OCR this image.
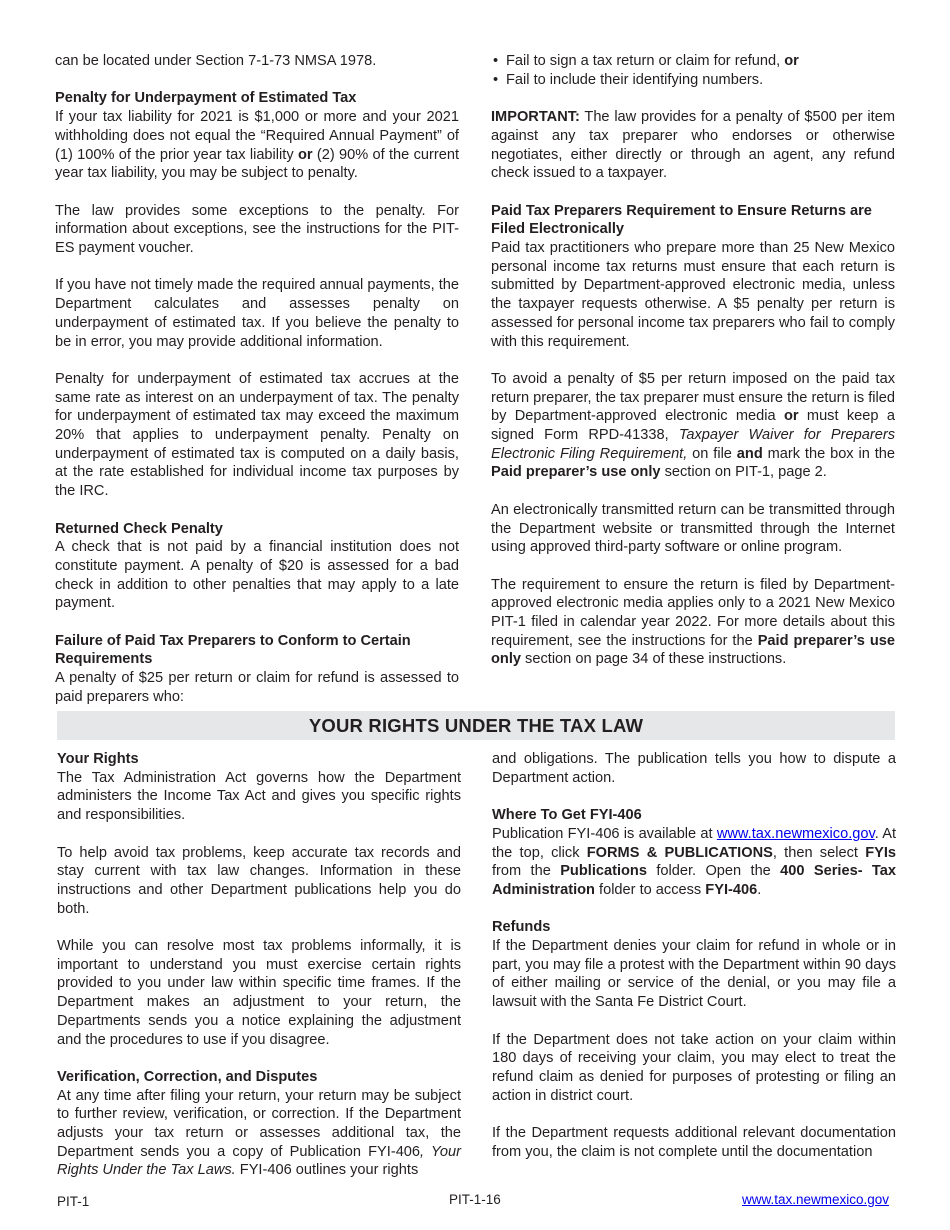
can be located under Section 7-1-73 NMSA 1978.

Penalty for Underpayment of Estimated Tax

If your tax liability for 2021 is $1,000 or more and your 2021 withholding does not equal the “Required Annual Payment” of (1) 100% of the prior year tax liability or (2) 90% of the current year tax liability, you may be subject to penalty.

The law provides some exceptions to the penalty. For information about exceptions, see the instructions for the PIT-ES payment voucher.

If you have not timely made the required annual payments, the Department calculates and assesses penalty on underpayment of estimated tax. If you believe the penalty to be in error, you may provide additional information.

Penalty for underpayment of estimated tax accrues at the same rate as interest on an underpayment of tax. The penalty for underpayment of estimated tax may exceed the maximum 20% that applies to underpayment penalty. Penalty on underpayment of estimated tax is computed on a daily basis, at the rate established for individual income tax purposes by the IRC.

Returned Check Penalty

A check that is not paid by a financial institution does not constitute payment. A penalty of $20 is assessed for a bad check in addition to other penalties that may apply to a late payment.

Failure of Paid Tax Preparers to Conform to Certain Requirements

A penalty of $25 per return or claim for refund is assessed to paid preparers who:

• Fail to sign a tax return or claim for refund, or
• Fail to include their identifying numbers.

IMPORTANT: The law provides for a penalty of $500 per item against any tax preparer who endorses or otherwise negotiates, either directly or through an agent, any refund check issued to a taxpayer.

Paid Tax Preparers Requirement to Ensure Returns are Filed Electronically

Paid tax practitioners who prepare more than 25 New Mexico personal income tax returns must ensure that each return is submitted by Department-approved electronic media, unless the taxpayer requests otherwise. A $5 penalty per return is assessed for personal income tax preparers who fail to comply with this requirement.

To avoid a penalty of $5 per return imposed on the paid tax return preparer, the tax preparer must ensure the return is filed by Department-approved electronic media or must keep a signed Form RPD-41338, Taxpayer Waiver for Preparers Electronic Filing Requirement, on file and mark the box in the Paid preparer’s use only section on PIT-1, page 2.

An electronically transmitted return can be transmitted through the Department website or transmitted through the Internet using approved third-party software or online program.

The requirement to ensure the return is filed by Department-approved electronic media applies only to a 2021 New Mexico PIT-1 filed in calendar year 2022. For more details about this requirement, see the instructions for the Paid preparer’s use only section on page 34 of these instructions.

YOUR RIGHTS UNDER THE TAX LAW
Your Rights

The Tax Administration Act governs how the Department administers the Income Tax Act and gives you specific rights and responsibilities.

To help avoid tax problems, keep accurate tax records and stay current with tax law changes. Information in these instructions and other Department publications help you do both.

While you can resolve most tax problems informally, it is important to understand you must exercise certain rights provided to you under law within specific time frames. If the Department makes an adjustment to your return, the Departments sends you a notice explaining the adjustment and the procedures to use if you disagree.

Verification, Correction, and Disputes

At any time after filing your return, your return may be subject to further review, verification, or correction. If the Department adjusts your tax return or assesses additional tax, the Department sends you a copy of Publication FYI-406, Your Rights Under the Tax Laws. FYI-406 outlines your rights

and obligations. The publication tells you how to dispute a Department action.

Where To Get FYI-406

Publication FYI-406 is available at www.tax.newmexico.gov. At the top, click FORMS & PUBLICATIONS, then select FYIs from the Publications folder. Open the 400 Series- Tax Administration folder to access FYI-406.

Refunds

If the Department denies your claim for refund in whole or in part, you may file a protest with the Department within 90 days of either mailing or service of the denial, or you may file a lawsuit with the Santa Fe District Court.

If the Department does not take action on your claim within 180 days of receiving your claim, you may elect to treat the refund claim as denied for purposes of protesting or filing an action in district court.

If the Department requests additional relevant documentation from you, the claim is not complete until the documentation

PIT-1	PIT-1-16	www.tax.newmexico.gov
